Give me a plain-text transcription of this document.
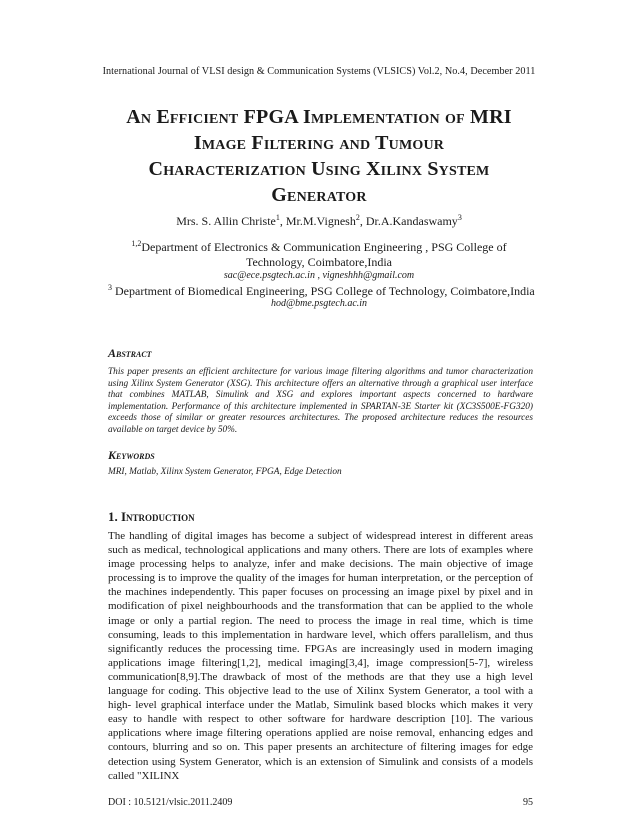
International Journal of VLSI design & Communication Systems (VLSICS) Vol.2, No.4, December 2011
An Efficient FPGA Implementation of MRI
Image Filtering and Tumour
Characterization Using Xilinx System
Generator
Mrs. S. Allin Christe$^1$, Mr.M.Vignesh$^2$, Dr.A.Kandaswamy$^3$
$^{1,2}$Department of Electronics & Communication Engineering , PSG College of Technology, Coimbatore,India
sac@ece.psgtech.ac.in , vigneshhh@gmail.com
$^3$ Department of Biomedical Engineering, PSG College of Technology, Coimbatore,India
hod@bme.psgtech.ac.in
Abstract

This paper presents an efficient architecture for various image filtering algorithms and tumor characterization using Xilinx System Generator (XSG). This architecture offers an alternative through a graphical user interface that combines MATLAB, Simulink and XSG and explores important aspects concerned to hardware implementation. Performance of this architecture implemented in SPARTAN-3E Starter kit (XC3S500E-FG320) exceeds those of similar or greater resources architectures. The proposed architecture reduces the resources available on target device by 50%.

Keywords

MRI, Matlab, Xilinx System Generator, FPGA, Edge Detection

1. Introduction

The handling of digital images has become a subject of widespread interest in different areas such as medical, technological applications and many others. There are lots of examples where image processing helps to analyze, infer and make decisions. The main objective of image processing is to improve the quality of the images for human interpretation, or the perception of the machines independently. This paper focuses on processing an image pixel by pixel and in modification of pixel neighbourhoods and the transformation that can be applied to the whole image or only a partial region. The need to process the image in real time, which is time consuming, leads to this implementation in hardware level, which offers parallelism, and thus significantly reduces the processing time. FPGAs are increasingly used in modern imaging applications image filtering[1,2], medical imaging[3,4], image compression[5-7], wireless communication[8,9].The drawback of most of the methods are that they use a high level language for coding. This objective lead to the use of Xilinx System Generator, a tool with a high- level graphical interface under the Matlab, Simulink based blocks which makes it very easy to handle with respect to other software for hardware description [10]. The various applications where image filtering operations applied are noise removal, enhancing edges and contours, blurring and so on. This paper presents an architecture of filtering images for edge detection using System Generator, which is an extension of Simulink and consists of a models called "XILINX

DOI : 10.5121/vlsic.2011.2409	95
